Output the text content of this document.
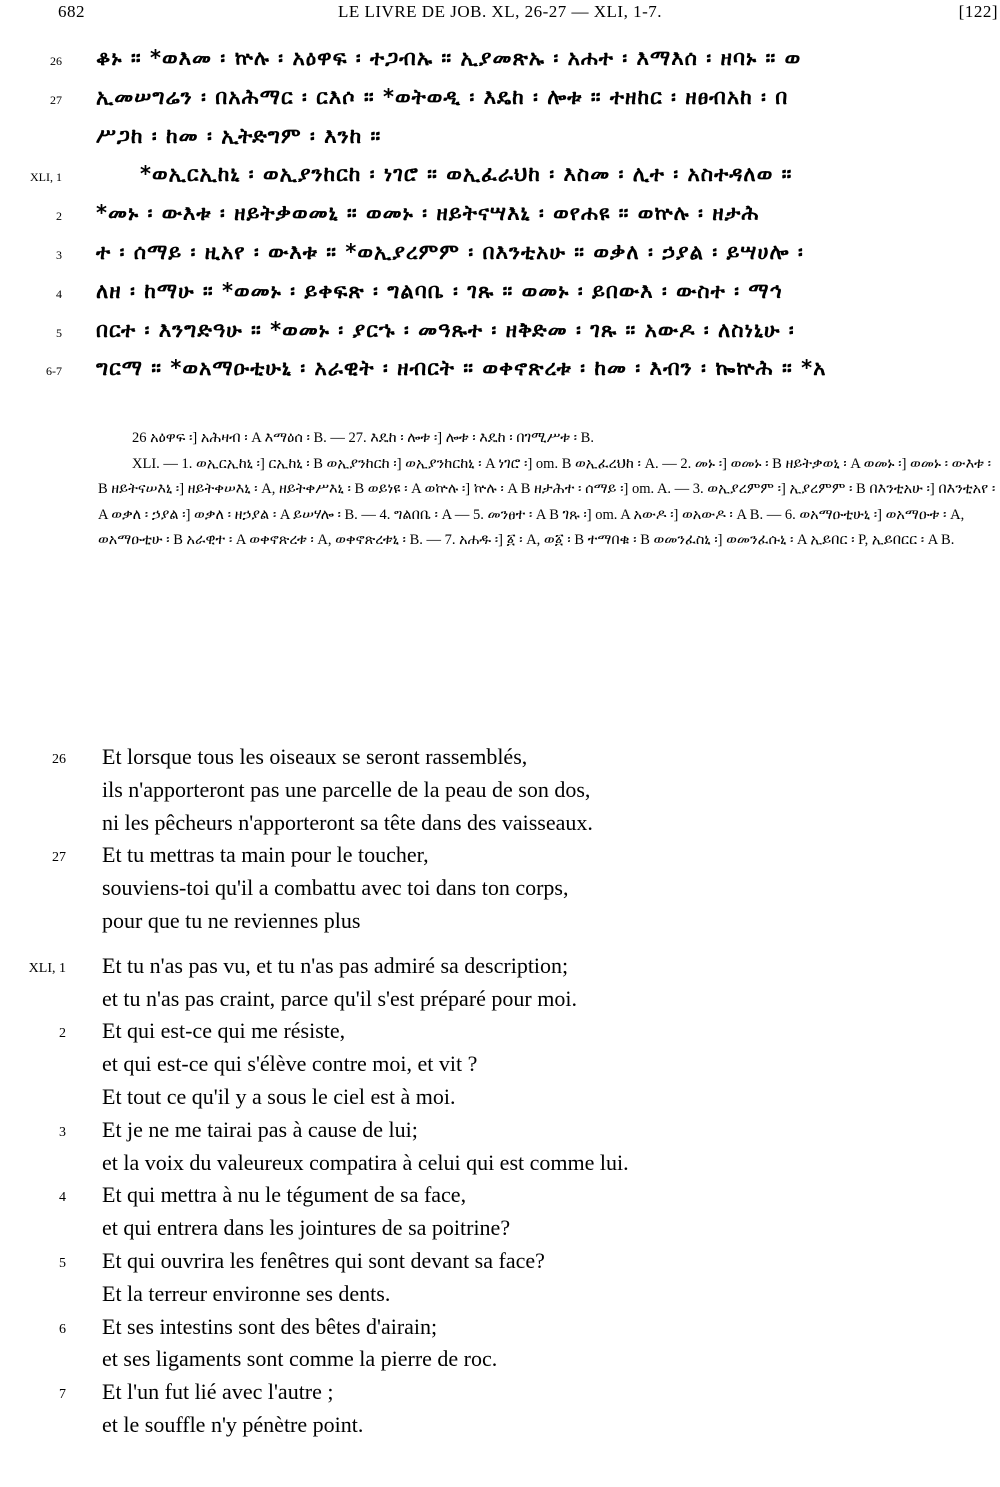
682	LE LIVRE DE JOB. XL, 26-27 — XLI, 1-7.	[122]
26 ቆኑ ። *ወእመ ፡ ኵሉ ፡ አዕዋፍ ፡ ተጋብኡ ። ኢያመጽኡ ፡ አሐተ ፡ እማእሰ ፡ ዘባኑ ። ወ
27 ኢመሠግሬን ፡ በአሕማር ፡ ርእሶ ። *ወትወዲ ፡ እዴከ ፡ ሎቱ ። ተዘከር ፡ ዘፀብአከ ፡ በ
ሥጋከ ፡ ከመ ፡ ኢትድግም ፡ እንከ ።
XLI, 1	*ወኢርኢከኒ ፡ ወኢያንከርከ ፡ ነገሮ ። ወኢፈራህከ ፡ እስመ ፡ ሊተ ፡ አስተዳለወ ።
2 *መኑ ፡ ውእቱ ፡ ዘይትቃወመኒ ። ወመኑ ፡ ዘይትናሣእኒ ፡ ወየሐዩ ። ወኵሉ ፡ ዘታሕ
3 ተ ፡ ሰማይ ፡ ዚአየ ፡ ውእቱ ። *ወኢያረምም ፡ በእንቲአሁ ። ወቃለ ፡ ኃያል ፡ ይሣሀሎ ፡
4 ለዘ ፡ ከማሁ ። *ወመኑ ፡ ይቀፍጽ ፡ ግልባቤ ፡ ገጹ ። ወመኑ ፡ ይበውእ ፡ ውስተ ፡ ማኅ
5 በርተ ፡ እንግድዓሁ ። *ወመኑ ፡ ያርኁ ፡ መዓጹተ ፡ ዘቅድመ ፡ ገጹ ። አውዶ ፡ ለስነኒሁ ፡
6-7 ግርማ ። *ወአማዑቲሁኒ ፡ አራዊት ፡ ዘብርት ። ወቀኖጽረቱ ፡ ከመ ፡ እብን ፡ ኰኵሕ ። *አ

26 አዕዋፍ ፡] አሕዛብ ፡ A እማዕሰ ፡ B. — 27. እዴከ ፡ ሎቱ ፡] ሎቱ ፡ እዴከ ፡ በገሚሥቱ ፡ B.

XLI. — 1. ወኢርኢከኒ ፡] ርኢከኒ ፡ B ወኢያንከርከ ፡] ወኢያንከርከኒ ፡ A ነገሮ ፡] om. B ወኢፈረህከ ፡ A. — 2. መኑ ፡] ወመኑ ፡ B ዘይትቃወኒ ፡ A ወመኑ ፡] ወመኑ ፡ ውእቱ ፡ B ዘይትናሠእኒ ፡] ዘይትቀሠእኒ ፡ A, ዘይትቀሥእኒ ፡ B ወይነዩ ፡ A ወኵሉ ፡] ኵሉ ፡ A B ዘታሕተ ፡ ሰማይ ፡] om. A. — 3. ወኢያረምም ፡] ኢያረምም ፡ B በእንቲአሁ ፡] በእንቲአየ ፡ A ወቃለ ፡ ኃያል ፡] ወቃለ ፡ ዘኃያል ፡ A ይሠሃሎ ፡ B. — 4. ግልበቤ ፡ A — 5. መንፀተ ፡ A B ገጹ ፡] om. A አውዶ ፡] ወአውዶ ፡ A B. — 6. ወአማዑቲሁኒ ፡] ወአማዑቱ ፡ A, ወአማዑቲሁ ፡ B አራዊተ ፡ A ወቀኖጽረቱ ፡ A, ወቀኖጽረቱኒ ፡ B. — 7. አሐዱ ፡] ፩ ፡ A, ወ፩ ፡ B ተማበቁ ፡ B ወመንፈስኒ ፡] ወመንፈሱኒ ፡ A ኢይበር ፡ P, ኢይበርር ፡ A B.

26 Et lorsque tous les oiseaux se seront rassemblés,
ils n'apporteront pas une parcelle de la peau de son dos,
ni les pêcheurs n'apporteront sa tête dans des vaisseaux.
27 Et tu mettras ta main pour le toucher,
souviens-toi qu'il a combattu avec toi dans ton corps,
pour que tu ne reviennes plus
XLI, 1 Et tu n'as pas vu, et tu n'as pas admiré sa description;
et tu n'as pas craint, parce qu'il s'est préparé pour moi.
2 Et qui est-ce qui me résiste,
et qui est-ce qui s'élève contre moi, et vit ?
Et tout ce qu'il y a sous le ciel est à moi.
3 Et je ne me tairai pas à cause de lui;
et la voix du valeureux compatira à celui qui est comme lui.
4 Et qui mettra à nu le tégument de sa face,
et qui entrera dans les jointures de sa poitrine?
5 Et qui ouvrira les fenêtres qui sont devant sa face?
Et la terreur environne ses dents.
6 Et ses intestins sont des bêtes d'airain;
et ses ligaments sont comme la pierre de roc.
7 Et l'un fut lié avec l'autre ;
et le souffle n'y pénètre point.
